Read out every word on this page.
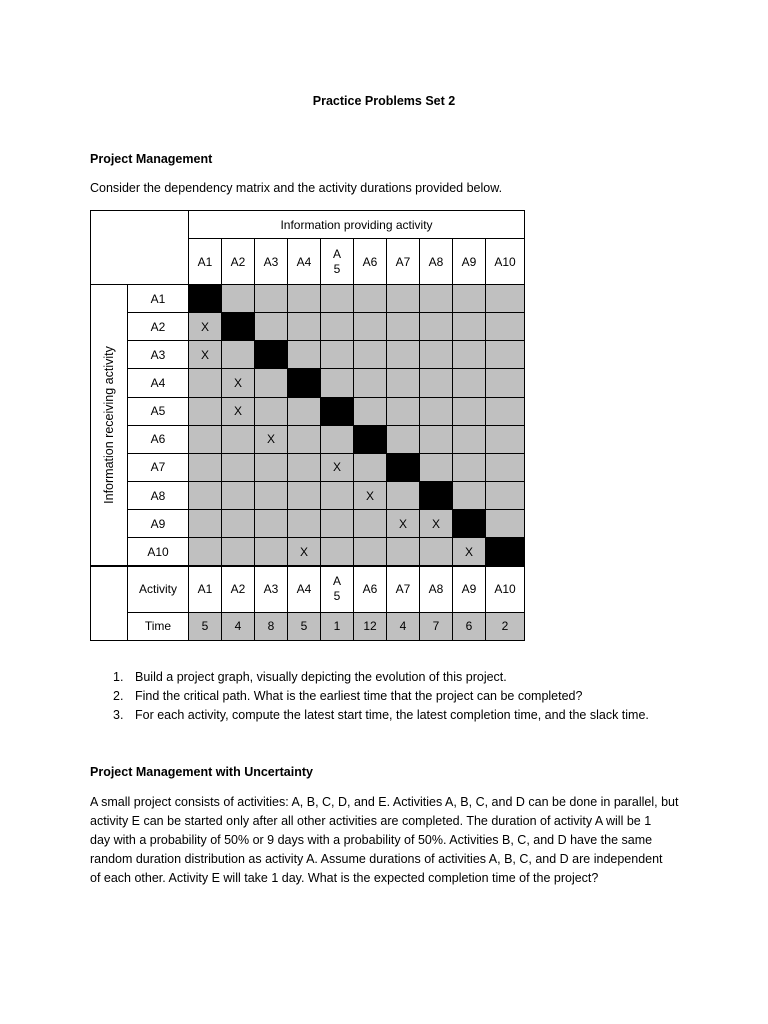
Practice Problems Set 2
Project Management
Consider the dependency matrix and the activity durations provided below.
		Information providing activity									
		A1	A2	A3	A4	A5	A6	A7	A8	A9	A10

Information receiving activity	A1										
	A2	X									
	A3	X									
	A4		X								
	A5		X								
	A6			X							
	A7					X					
	A8						X				
	A9							X	X		
	A10				X					X	
	Activity	A1	A2	A3	A4	A5	A6	A7	A8	A9	A10
	Time	5	4	8	5	1	12	4	7	6	2
1. Build a project graph, visually depicting the evolution of this project.
2. Find the critical path. What is the earliest time that the project can be completed?
3. For each activity, compute the latest start time, the latest completion time, and the slack time.
Project Management with Uncertainty

A small project consists of activities: A, B, C, D, and E. Activities A, B, C, and D can be done in parallel, but
activity E can be started only after all other activities are completed. The duration of activity A will be 1
day with a probability of 50% or 9 days with a probability of 50%. Activities B, C, and D have the same
random duration distribution as activity A. Assume durations of activities A, B, C, and D are independent
of each other. Activity E will take 1 day. What is the expected completion time of the project?
